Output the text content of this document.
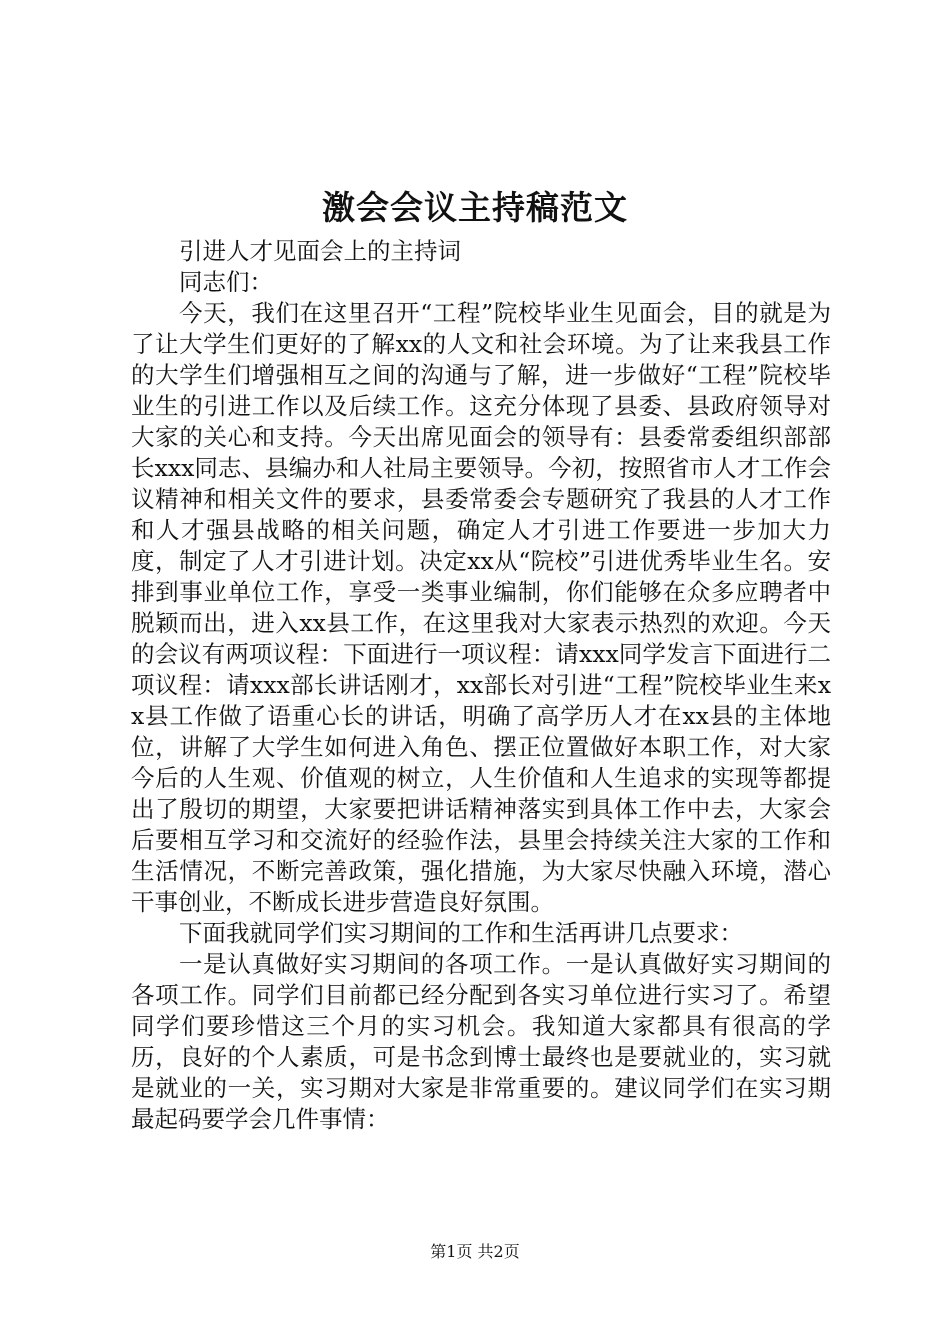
激会会议主持稿范文

引进人才见面会上的主持词

同志们：

今天，我们在这里召开“工程”院校毕业生见面会，目的就是为了让大学生们更好的了解xx的人文和社会环境。为了让来我县工作的大学生们增强相互之间的沟通与了解，进一步做好“工程”院校毕业生的引进工作以及后续工作。这充分体现了县委、县政府领导对大家的关心和支持。今天出席见面会的领导有：县委常委组织部部长xxx同志、县编办和人社局主要领导。今初，按照省市人才工作会议精神和相关文件的要求，县委常委会专题研究了我县的人才工作和人才强县战略的相关问题，确定人才引进工作要进一步加大力度，制定了人才引进计划。决定xx从“院校”引进优秀毕业生名。安排到事业单位工作，享受一类事业编制，你们能够在众多应聘者中脱颖而出，进入xx县工作，在这里我对大家表示热烈的欢迎。今天的会议有两项议程：下面进行一项议程：请xxx同学发言下面进行二项议程：请xxx部长讲话刚才，xx部长对引进“工程”院校毕业生来xx县工作做了语重心长的讲话，明确了高学历人才在xx县的主体地位，讲解了大学生如何进入角色、摆正位置做好本职工作，对大家今后的人生观、价值观的树立，人生价值和人生追求的实现等都提出了殷切的期望，大家要把讲话精神落实到具体工作中去，大家会后要相互学习和交流好的经验作法，县里会持续关注大家的工作和生活情况，不断完善政策，强化措施，为大家尽快融入环境，潜心干事创业，不断成长进步营造良好氛围。

下面我就同学们实习期间的工作和生活再讲几点要求：

一是认真做好实习期间的各项工作。一是认真做好实习期间的各项工作。同学们目前都已经分配到各实习单位进行实习了。希望同学们要珍惜这三个月的实习机会。我知道大家都具有很高的学历，良好的个人素质，可是书念到博士最终也是要就业的，实习就是就业的一关，实习期对大家是非常重要的。建议同学们在实习期最起码要学会几件事情：

第1页 共2页
